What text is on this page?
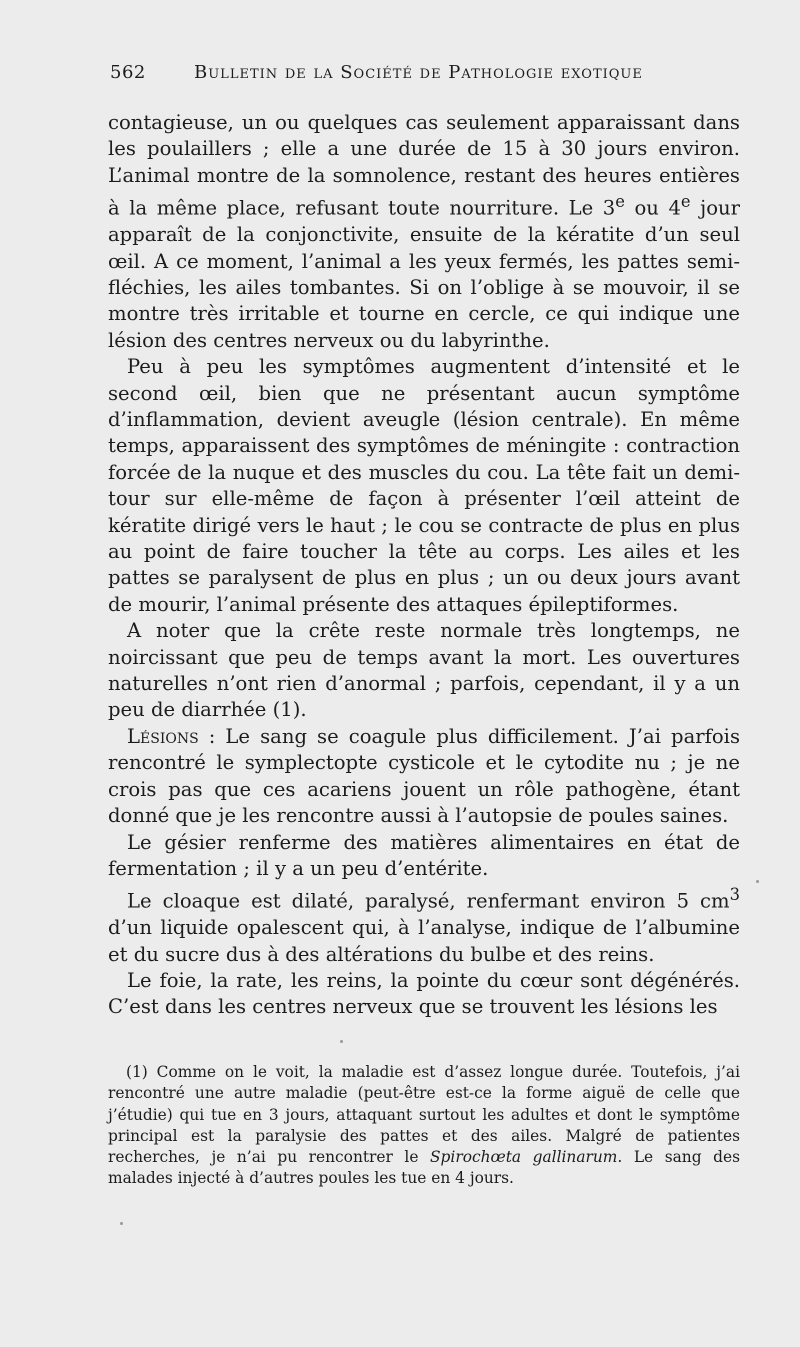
562	Bulletin de la Société de Pathologie exotique

contagieuse, un ou quelques cas seulement apparaissant dans les poulaillers ; elle a une durée de 15 à 30 jours environ. L’animal montre de la somnolence, restant des heures entières à la même place, refusant toute nourriture. Le 3e ou 4e jour apparaît de la conjonctivite, ensuite de la kératite d’un seul œil. A ce moment, l’animal a les yeux fermés, les pattes semi-fléchies, les ailes tombantes. Si on l’oblige à se mouvoir, il se montre très irritable et tourne en cercle, ce qui indique une lésion des centres nerveux ou du labyrinthe.

Peu à peu les symptômes augmentent d’intensité et le second œil, bien que ne présentant aucun symptôme d’inflammation, devient aveugle (lésion centrale). En même temps, apparaissent des symptômes de méningite : contraction forcée de la nuque et des muscles du cou. La tête fait un demi-tour sur elle-même de façon à présenter l’œil atteint de kératite dirigé vers le haut ; le cou se contracte de plus en plus au point de faire toucher la tête au corps. Les ailes et les pattes se paralysent de plus en plus ; un ou deux jours avant de mourir, l’animal présente des attaques épileptiformes.

A noter que la crête reste normale très longtemps, ne noircissant que peu de temps avant la mort. Les ouvertures naturelles n’ont rien d’anormal ; parfois, cependant, il y a un peu de diarrhée (1).

Lésions : Le sang se coagule plus difficilement. J’ai parfois rencontré le symplectopte cysticole et le cytodite nu ; je ne crois pas que ces acariens jouent un rôle pathogène, étant donné que je les rencontre aussi à l’autopsie de poules saines.

Le gésier renferme des matières alimentaires en état de fermentation ; il y a un peu d’entérite.

Le cloaque est dilaté, paralysé, renfermant environ 5 $cm^3$ d’un liquide opalescent qui, à l’analyse, indique de l’albumine et du sucre dus à des altérations du bulbe et des reins.

Le foie, la rate, les reins, la pointe du cœur sont dégénérés. C’est dans les centres nerveux que se trouvent les lésions les

(1) Comme on le voit, la maladie est d’assez longue durée. Toutefois, j’ai rencontré une autre maladie (peut-être est-ce la forme aiguë de celle que j’étudie) qui tue en 3 jours, attaquant surtout les adultes et dont le symptôme principal est la paralysie des pattes et des ailes. Malgré de patientes recherches, je n’ai pu rencontrer le Spirochœta gallinarum. Le sang des malades injecté à d’autres poules les tue en 4 jours.
